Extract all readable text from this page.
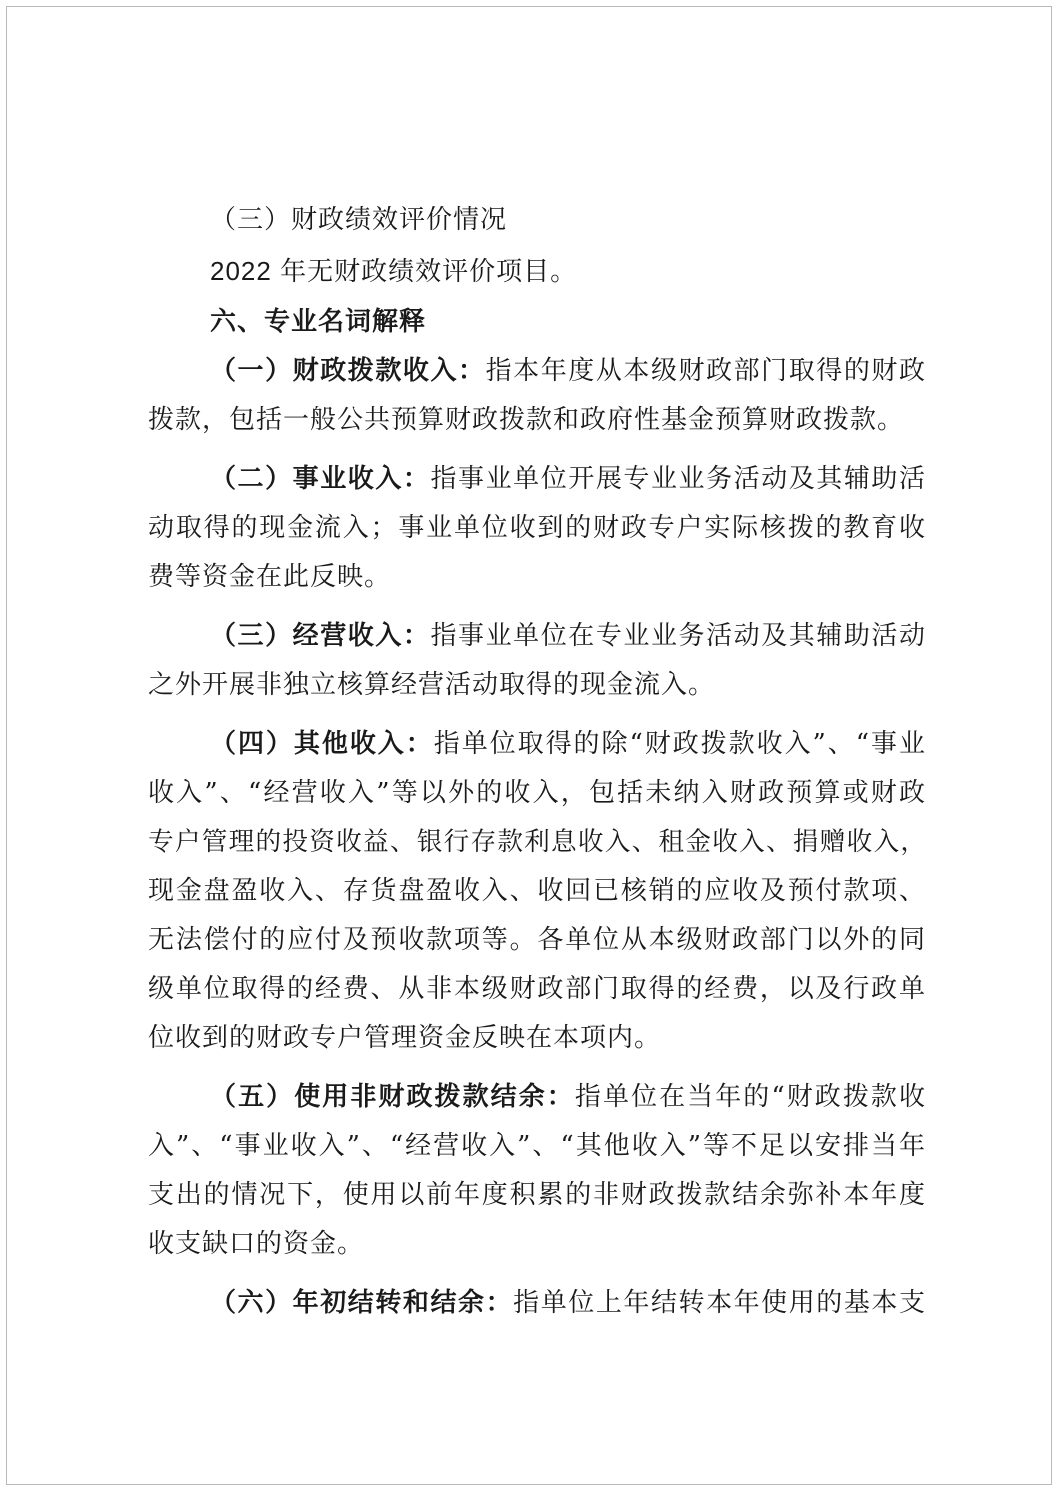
（三）财政绩效评价情况
2022 年无财政绩效评价项目。
六、专业名词解释
（一）财政拨款收入：指本年度从本级财政部门取得的财政
拨款，包括一般公共预算财政拨款和政府性基金预算财政拨款。
（二）事业收入：指事业单位开展专业业务活动及其辅助活
动取得的现金流入；事业单位收到的财政专户实际核拨的教育收
费等资金在此反映。
（三）经营收入：指事业单位在专业业务活动及其辅助活动
之外开展非独立核算经营活动取得的现金流入。
（四）其他收入：指单位取得的除“财政拨款收入”、“事业
收入”、“经营收入”等以外的收入，包括未纳入财政预算或财政
专户管理的投资收益、银行存款利息收入、租金收入、捐赠收入，
现金盘盈收入、存货盘盈收入、收回已核销的应收及预付款项、
无法偿付的应付及预收款项等。各单位从本级财政部门以外的同
级单位取得的经费、从非本级财政部门取得的经费，以及行政单
位收到的财政专户管理资金反映在本项内。
（五）使用非财政拨款结余：指单位在当年的“财政拨款收
入”、“事业收入”、“经营收入”、“其他收入”等不足以安排当年
支出的情况下，使用以前年度积累的非财政拨款结余弥补本年度
收支缺口的资金。
（六）年初结转和结余：指单位上年结转本年使用的基本支
